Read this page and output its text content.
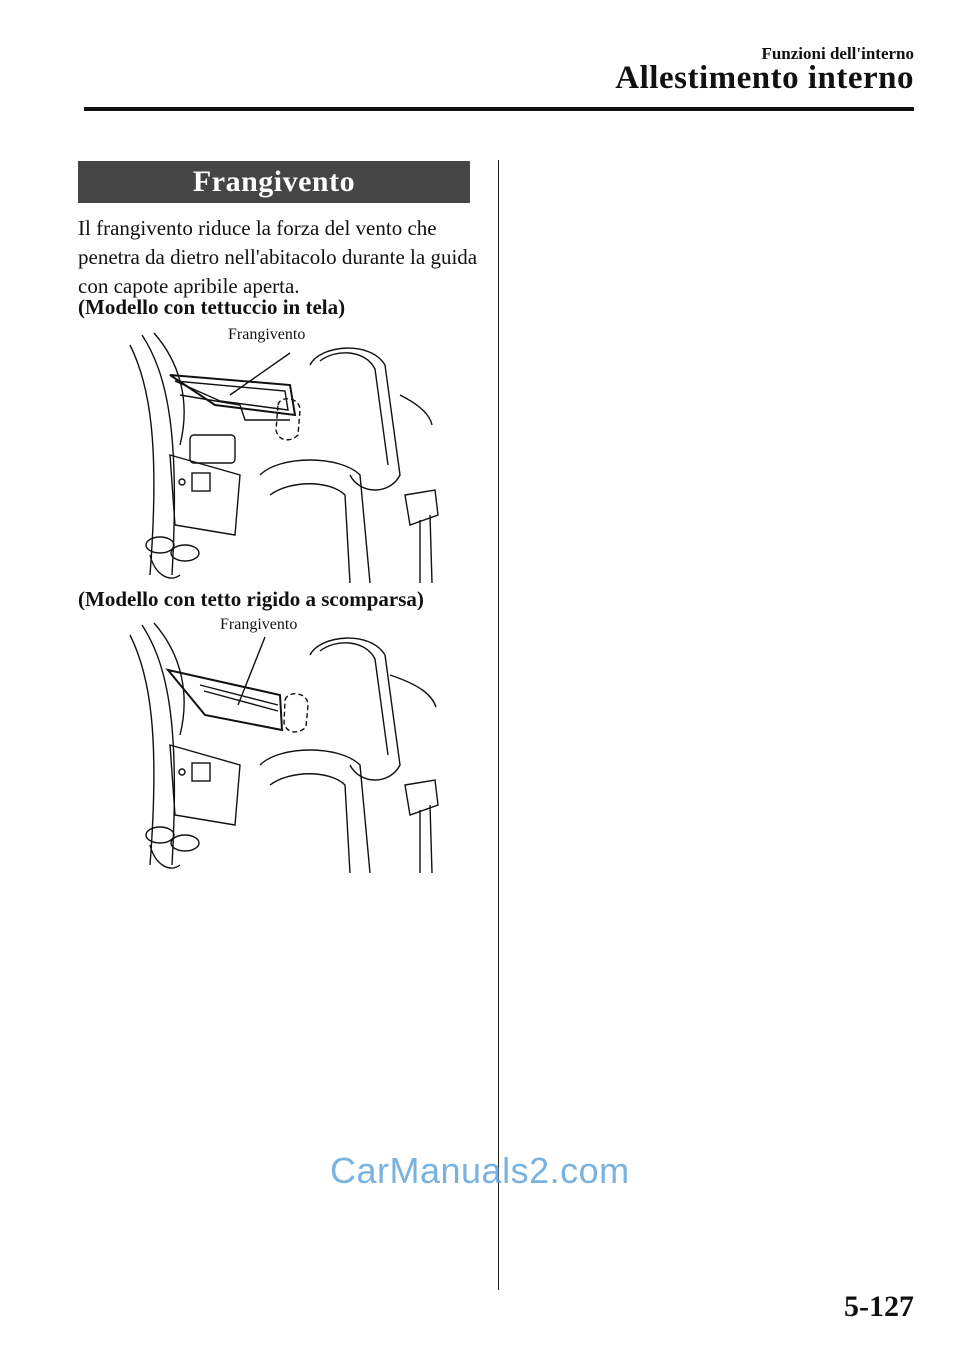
Funzioni dell'interno
Allestimento interno
Frangivento
Il frangivento riduce la forza del vento che penetra da dietro nell'abitacolo durante la guida con capote apribile aperta.
(Modello con tettuccio in tela)
Frangivento
(Modello con tetto rigido a scomparsa)
Frangivento
CarManuals2.com
5-127
